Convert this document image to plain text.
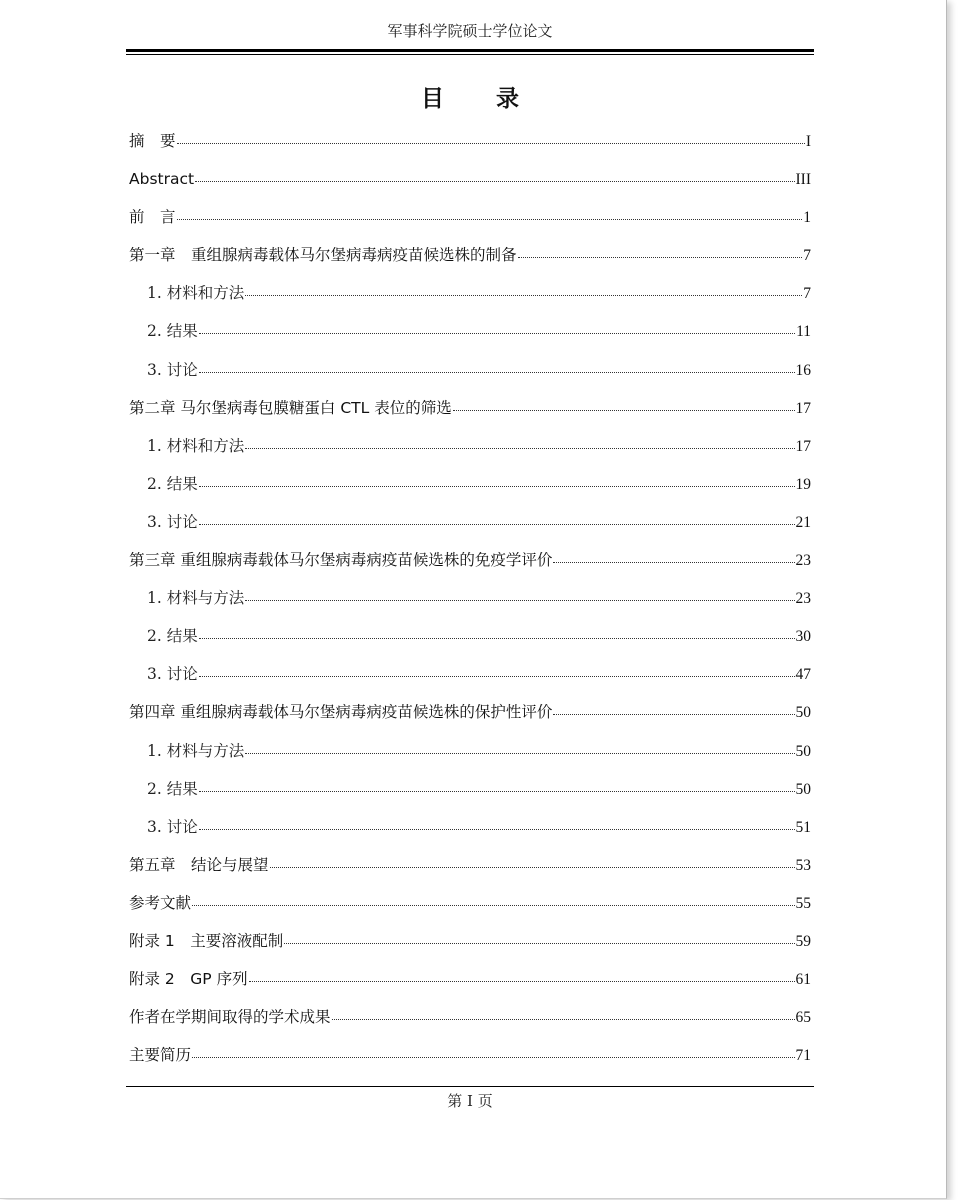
军事科学院硕士学位论文
目 录
摘　要	I
Abstract	III
前　言	1
第一章　重组腺病毒载体马尔堡病毒病疫苗候选株的制备	7
1. 材料和方法	7
2. 结果	11
3. 讨论	16
第二章 马尔堡病毒包膜糖蛋白 CTL 表位的筛选	17
1. 材料和方法	17
2. 结果	19
3. 讨论	21
第三章 重组腺病毒载体马尔堡病毒病疫苗候选株的免疫学评价	23
1. 材料与方法	23
2. 结果	30
3. 讨论	47
第四章 重组腺病毒载体马尔堡病毒病疫苗候选株的保护性评价	50
1. 材料与方法	50
2. 结果	50
3. 讨论	51
第五章　结论与展望	53
参考文献	55
附录 1　主要溶液配制	59
附录 2　GP 序列	61
作者在学期间取得的学术成果	65
主要简历	71
第 I 页
